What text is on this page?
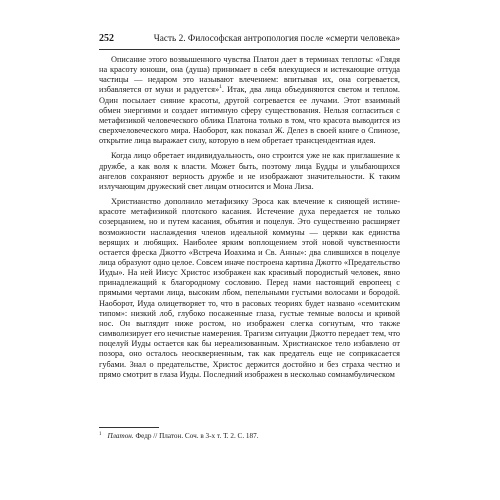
252	Часть 2. Философская антропология после «смерти человека»

Описание этого возвышенного чувства Платон дает в терминах теплоты: «Глядя на красоту юноши, она (душа) принимает в себя влекущиеся и истекающие оттуда частицы — недаром это называют влечением: впитывая их, она согревается, избавляется от муки и радуется»$^1$. Итак, два лица объединяются светом и теплом. Один посылает сияние красоты, другой согревается ее лучами. Этот взаимный обмен энергиями и создает интимную сферу существования. Нельзя согласиться с метафизикой человеческого облика Платона только в том, что красота выводится из сверхчеловеческого мира. Наоборот, как показал Ж. Делез в своей книге о Спинозе, открытие лица выражает силу, которую в нем обретает трансцендентная идея.

Когда лицо обретает индивидуальность, оно строится уже не как приглашение к дружбе, а как воля к власти. Может быть, поэтому лица Будды и улыбающихся ангелов сохраняют верность дружбе и не изображают значительности. К таким излучающим дружеский свет лицам относится и Мона Лиза.

Христианство дополнило метафизику Эроса как влечение к сияющей истине-красоте метафизикой плотского касания. Истечение духа передается не только созерцанием, но и путем касания, объятия и поцелуя. Это существенно расширяет возможности наслаждения членов идеальной коммуны — церкви как единства верящих и любящих. Наиболее ярким воплощением этой новой чувственности остается фреска Джотто «Встреча Иоахима и Св. Анны»: два слившихся в поцелуе лица образуют одно целое. Совсем иначе построена картина Джотто «Предательство Иуды». На ней Иисус Христос изображен как красивый породистый человек, явно принадлежащий к благородному сословию. Перед нами настоящий европеец с прямыми чертами лица, высоким лбом, пепельными густыми волосами и бородой. Наоборот, Иуда олицетворяет то, что в расовых теориях будет названо «семитским типом»: низкий лоб, глубоко посаженные глаза, густые темные волосы и кривой нос. Он выглядит ниже ростом, но изображен слегка согнутым, что также символизирует его нечистые намерения. Трагизм ситуации Джотто передает тем, что поцелуй Иуды остается как бы нереализованным. Христианское тело избавлено от позора, оно осталось неоскверненным, так как предатель еще не соприкасается губами. Знал о предательстве, Христос держится достойно и без страха честно и прямо смотрит в глаза Иуды. Последний изображен в несколько сомнамбулическом

$^1$ Платон. Федр // Платон. Соч. в 3-х т. Т. 2. С. 187.
